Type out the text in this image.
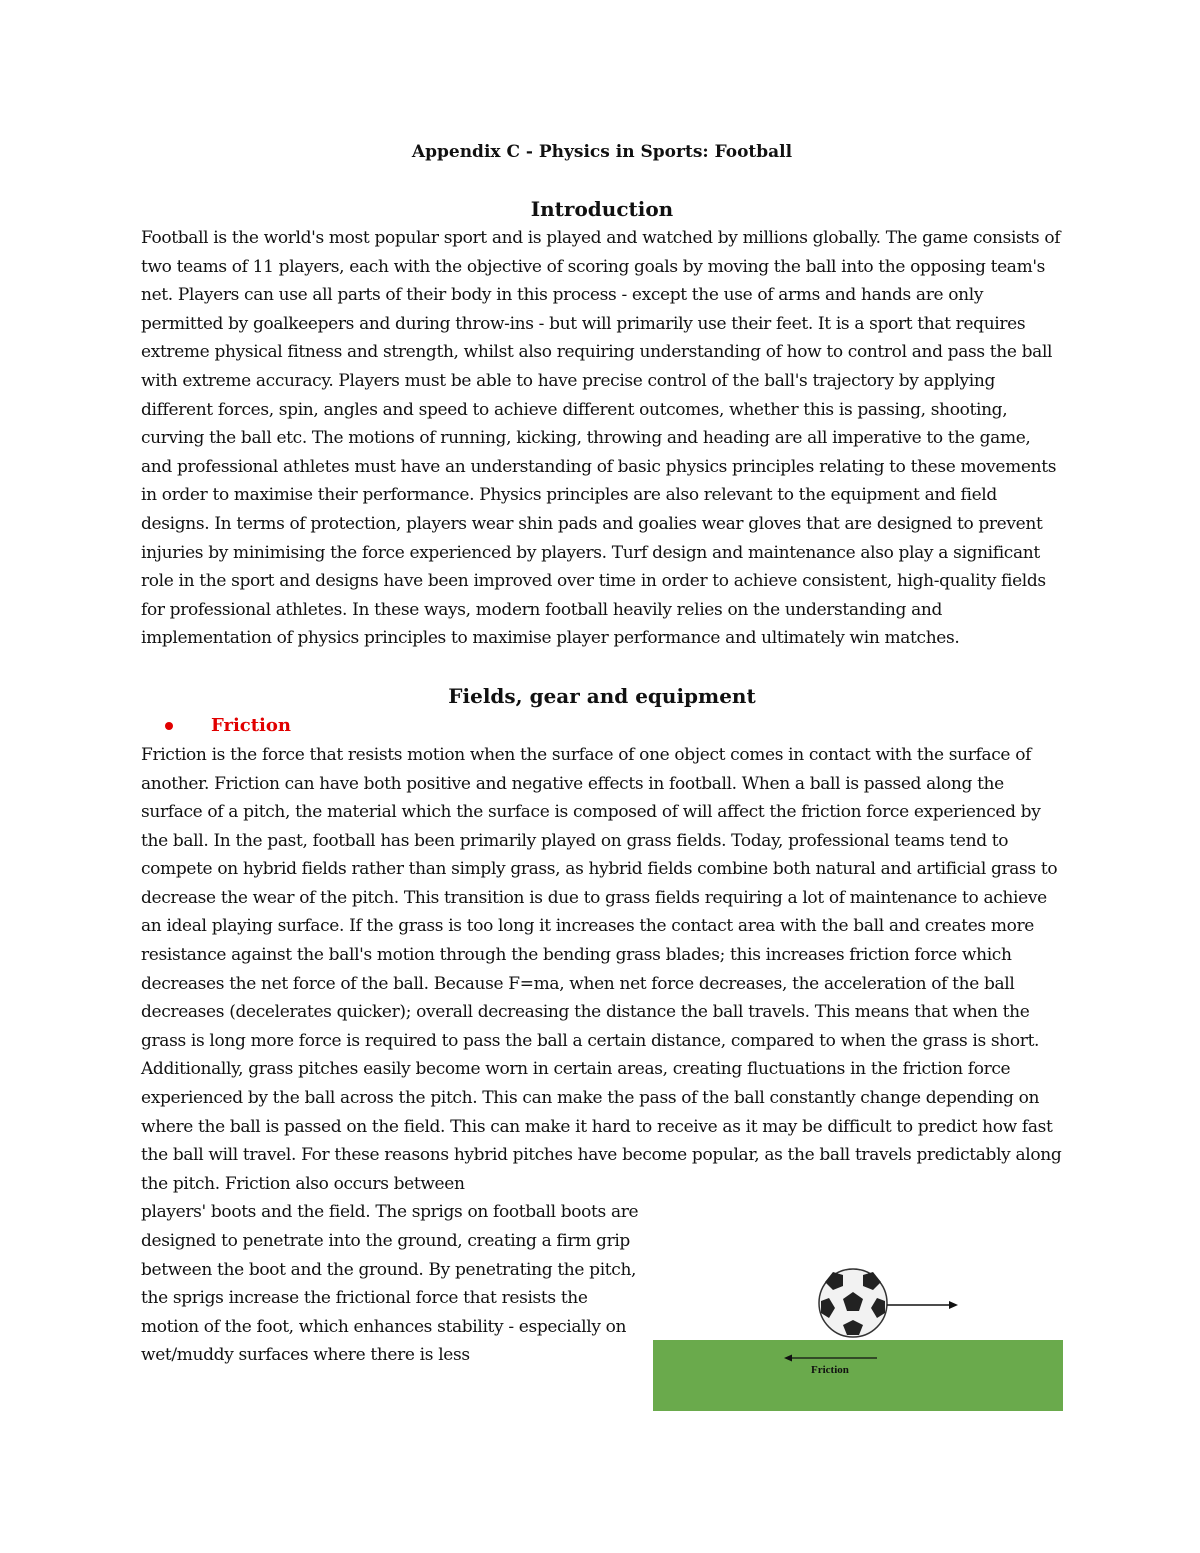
Appendix C - Physics in Sports: Football
Introduction

Football is the world's most popular sport and is played and watched by millions globally. The game consists of two teams of 11 players, each with the objective of scoring goals by moving the ball into the opposing team's net. Players can use all parts of their body in this process - except the use of arms and hands are only permitted by goalkeepers and during throw-ins - but will primarily use their feet. It is a sport that requires extreme physical fitness and strength, whilst also requiring understanding of how to control and pass the ball with extreme accuracy. Players must be able to have precise control of the ball's trajectory by applying different forces, spin, angles and speed to achieve different outcomes, whether this is passing, shooting, curving the ball etc. The motions of running, kicking, throwing and heading are all imperative to the game, and professional athletes must have an understanding of basic physics principles relating to these movements in order to maximise their performance. Physics principles are also relevant to the equipment and field designs. In terms of protection, players wear shin pads and goalies wear gloves that are designed to prevent injuries by minimising the force experienced by players. Turf design and maintenance also play a significant role in the sport and designs have been improved over time in order to achieve consistent, high-quality fields for professional athletes. In these ways, modern football heavily relies on the understanding and implementation of physics principles to maximise player performance and ultimately win matches.

Fields, gear and equipment
Friction

Friction is the force that resists motion when the surface of one object comes in contact with the surface of another. Friction can have both positive and negative effects in football. When a ball is passed along the surface of a pitch, the material which the surface is composed of will affect the friction force experienced by the ball. In the past, football has been primarily played on grass fields. Today, professional teams tend to compete on hybrid fields rather than simply grass, as hybrid fields combine both natural and artificial grass to decrease the wear of the pitch. This transition is due to grass fields requiring a lot of maintenance to achieve an ideal playing surface. If the grass is too long it increases the contact area with the ball and creates more resistance against the ball's motion through the bending grass blades; this increases friction force which decreases the net force of the ball. Because F=ma, when net force decreases, the acceleration of the ball decreases (decelerates quicker); overall decreasing the distance the ball travels. This means that when the grass is long more force is required to pass the ball a certain distance, compared to when the grass is short. Additionally, grass pitches easily become worn in certain areas, creating fluctuations in the friction force experienced by the ball across the pitch. This can make the pass of the ball constantly change depending on where the ball is passed on the field. This can make it hard to receive as it may be difficult to predict how fast the ball will travel. For these reasons hybrid pitches have become popular, as the ball travels predictably along the pitch. Friction also occurs between

players' boots and the field. The sprigs on football boots are designed to penetrate into the ground, creating a firm grip between the boot and the ground. By penetrating the pitch, the sprigs increase the frictional force that resists the motion of the foot, which enhances stability - especially on wet/muddy surfaces where there is less

Friction
